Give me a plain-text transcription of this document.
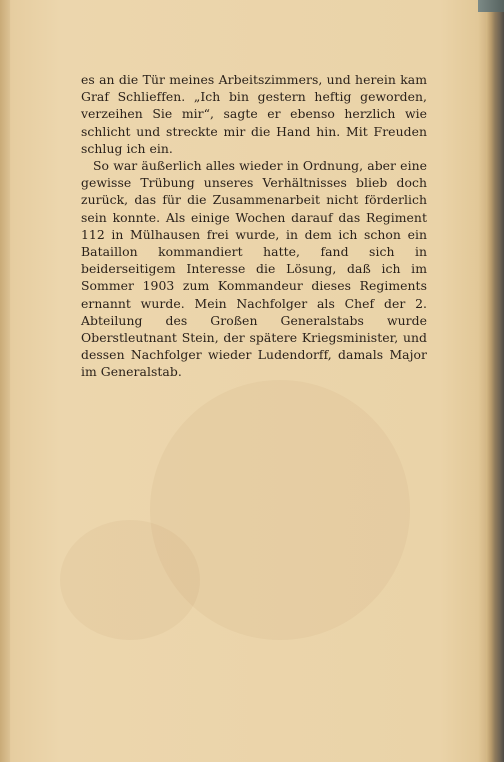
es an die Tür meines Arbeitszimmers, und herein kam Graf Schlieffen. „Ich bin gestern heftig geworden, verzeihen Sie mir“, sagte er ebenso herzlich wie schlicht und streckte mir die Hand hin. Mit Freuden schlug ich ein.

So war äußerlich alles wieder in Ordnung, aber eine gewisse Trübung unseres Verhältnisses blieb doch zurück, das für die Zusammenarbeit nicht förderlich sein konnte. Als einige Wochen darauf das Regiment 112 in Mülhausen frei wurde, in dem ich schon ein Bataillon kommandiert hatte, fand sich in beiderseitigem Interesse die Lösung, daß ich im Sommer 1903 zum Kommandeur dieses Regiments ernannt wurde. Mein Nachfolger als Chef der 2. Abteilung des Großen Generalstabs wurde Oberstleutnant Stein, der spätere Kriegsminister, und dessen Nachfolger wieder Ludendorff, damals Major im Generalstab.
